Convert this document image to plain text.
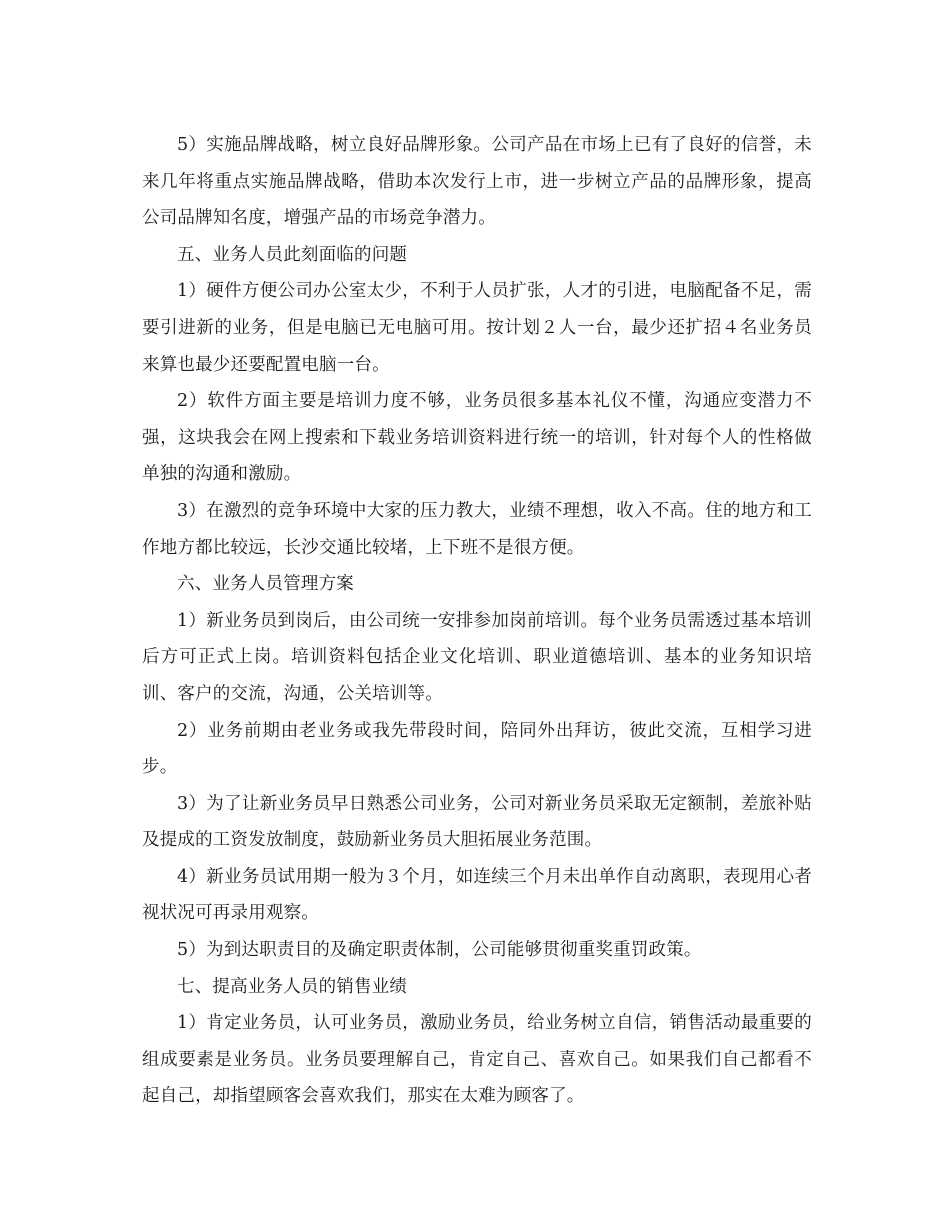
5）实施品牌战略，树立良好品牌形象。公司产品在市场上已有了良好的信誉，未来几年将重点实施品牌战略，借助本次发行上市，进一步树立产品的品牌形象，提高公司品牌知名度，增强产品的市场竞争潜力。

五、业务人员此刻面临的问题

1）硬件方便公司办公室太少，不利于人员扩张，人才的引进，电脑配备不足，需要引进新的业务，但是电脑已无电脑可用。按计划２人一台，最少还扩招４名业务员来算也最少还要配置电脑一台。

2）软件方面主要是培训力度不够，业务员很多基本礼仪不懂，沟通应变潜力不强，这块我会在网上搜索和下载业务培训资料进行统一的培训，针对每个人的性格做单独的沟通和激励。

3）在激烈的竞争环境中大家的压力教大，业绩不理想，收入不高。住的地方和工作地方都比较远，长沙交通比较堵，上下班不是很方便。

六、业务人员管理方案

1）新业务员到岗后，由公司统一安排参加岗前培训。每个业务员需透过基本培训后方可正式上岗。培训资料包括企业文化培训、职业道德培训、基本的业务知识培训、客户的交流，沟通，公关培训等。

2）业务前期由老业务或我先带段时间，陪同外出拜访，彼此交流，互相学习进步。

3）为了让新业务员早日熟悉公司业务，公司对新业务员采取无定额制，差旅补贴及提成的工资发放制度，鼓励新业务员大胆拓展业务范围。

4）新业务员试用期一般为３个月，如连续三个月未出单作自动离职，表现用心者视状况可再录用观察。

5）为到达职责目的及确定职责体制，公司能够贯彻重奖重罚政策。

七、提高业务人员的销售业绩

1）肯定业务员，认可业务员，激励业务员，给业务树立自信，销售活动最重要的组成要素是业务员。业务员要理解自己，肯定自己、喜欢自己。如果我们自己都看不起自己，却指望顾客会喜欢我们，那实在太难为顾客了。
